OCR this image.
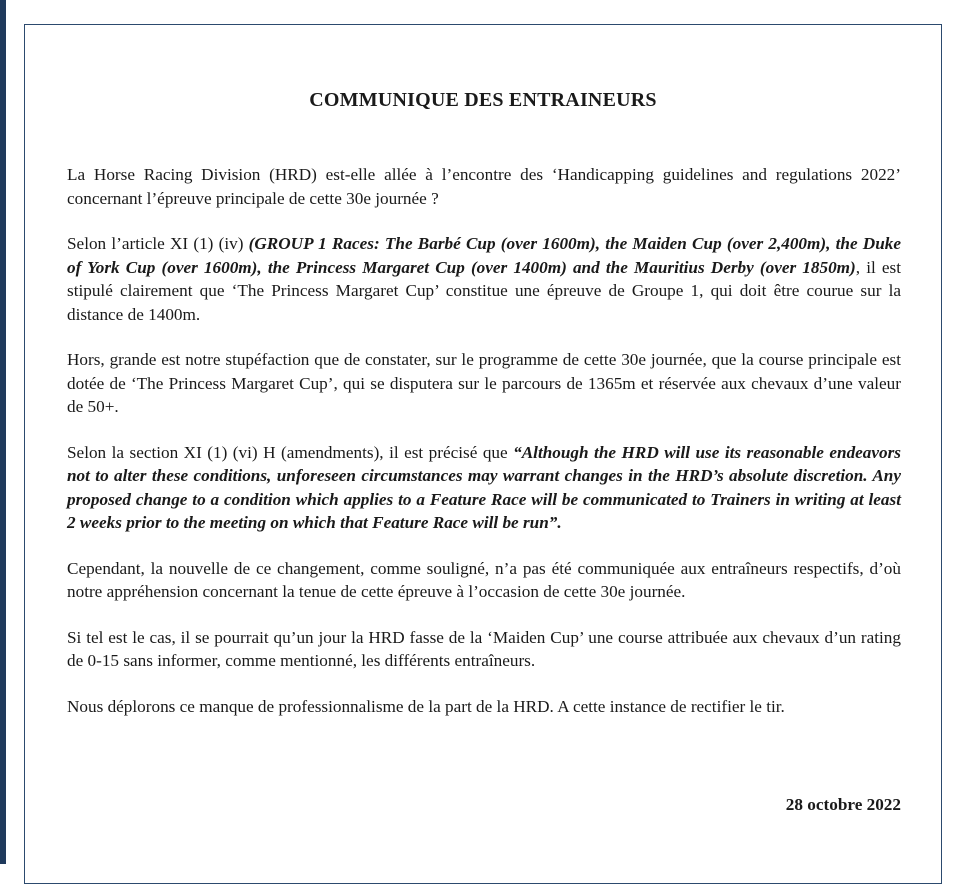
COMMUNIQUE DES ENTRAINEURS

La Horse Racing Division (HRD) est-elle allée à l’encontre des ‘Handicapping guidelines and regulations 2022’ concernant l’épreuve principale de cette 30e journée ?

Selon l’article XI (1) (iv) (GROUP 1 Races: The Barbé Cup (over 1600m), the Maiden Cup (over 2,400m), the Duke of York Cup (over 1600m), the Princess Margaret Cup (over 1400m) and the Mauritius Derby (over 1850m), il est stipulé clairement que ‘The Princess Margaret Cup’ constitue une épreuve de Groupe 1, qui doit être courue sur la distance de 1400m.

Hors, grande est notre stupéfaction que de constater, sur le programme de cette 30e journée, que la course principale est dotée de ‘The Princess Margaret Cup’, qui se disputera sur le parcours de 1365m et réservée aux chevaux d’une valeur de 50+.

Selon la section XI (1) (vi) H (amendments), il est précisé que “Although the HRD will use its reasonable endeavors not to alter these conditions, unforeseen circumstances may warrant changes in the HRD’s absolute discretion. Any proposed change to a condition which applies to a Feature Race will be communicated to Trainers in writing at least 2 weeks prior to the meeting on which that Feature Race will be run”.

Cependant, la nouvelle de ce changement, comme souligné, n’a pas été communiquée aux entraîneurs respectifs, d’où notre appréhension concernant la tenue de cette épreuve à l’occasion de cette 30e journée.

Si tel est le cas, il se pourrait qu’un jour la HRD fasse de la ‘Maiden Cup’ une course attribuée aux chevaux d’un rating de 0-15 sans informer, comme mentionné, les différents entraîneurs.

Nous déplorons ce manque de professionnalisme de la part de la HRD. A cette instance de rectifier le tir.

28 octobre 2022
